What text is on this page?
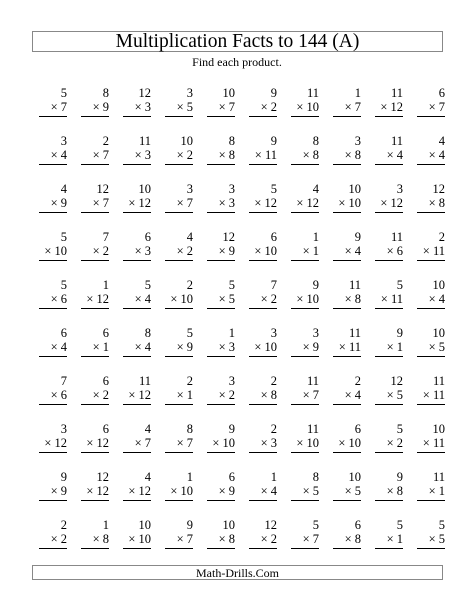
Multiplication Facts to 144 (A)
Find each product.
5
× 7
8
× 9
12
× 3
3
× 5
10
× 7
9
× 2
11
× 10
1
× 7
11
× 12
6
× 7
3
× 4
2
× 7
11
× 3
10
× 2
8
× 8
9
× 11
8
× 8
3
× 8
11
× 4
4
× 4
4
× 9
12
× 7
10
× 12
3
× 7
3
× 3
5
× 12
4
× 12
10
× 10
3
× 12
12
× 8
5
× 10
7
× 2
6
× 3
4
× 2
12
× 9
6
× 10
1
× 1
9
× 4
11
× 6
2
× 11
5
× 6
1
× 12
5
× 4
2
× 10
5
× 5
7
× 2
9
× 10
11
× 8
5
× 11
10
× 4
6
× 4
6
× 1
8
× 4
5
× 9
1
× 3
3
× 10
3
× 9
11
× 11
9
× 1
10
× 5
7
× 6
6
× 2
11
× 12
2
× 1
3
× 2
2
× 8
11
× 7
2
× 4
12
× 5
11
× 11
3
× 12
6
× 12
4
× 7
8
× 7
9
× 10
2
× 3
11
× 10
6
× 10
5
× 2
10
× 11
9
× 9
12
× 12
4
× 12
1
× 10
6
× 9
1
× 4
8
× 5
10
× 5
9
× 8
11
× 1
2
× 2
1
× 8
10
× 10
9
× 7
10
× 8
12
× 2
5
× 7
6
× 8
5
× 1
5
× 5
Math-Drills.Com
